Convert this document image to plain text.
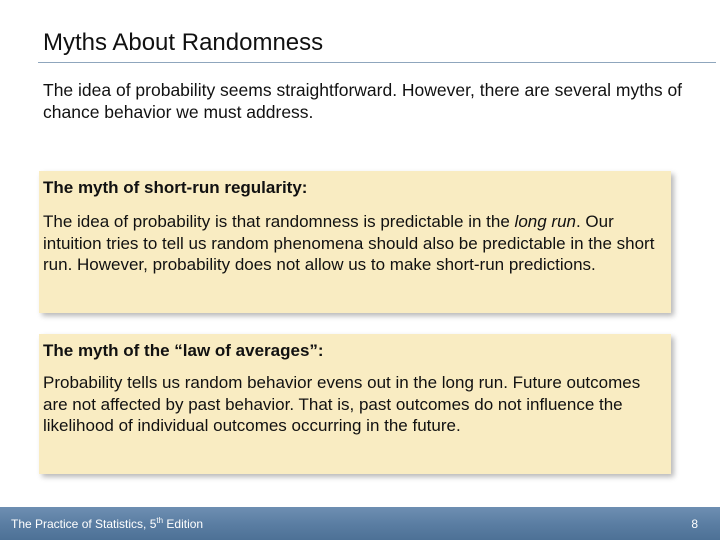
Myths About Randomness

The idea of probability seems straightforward. However, there are several myths of chance behavior we must address.

The myth of short-run regularity:

The idea of probability is that randomness is predictable in the long run. Our intuition tries to tell us random phenomena should also be predictable in the short run. However, probability does not allow us to make short-run predictions.

The myth of the “law of averages”:

Probability tells us random behavior evens out in the long run. Future outcomes are not affected by past behavior. That is, past outcomes do not influence the likelihood of individual outcomes occurring in the future.

The Practice of Statistics, 5th Edition	8
